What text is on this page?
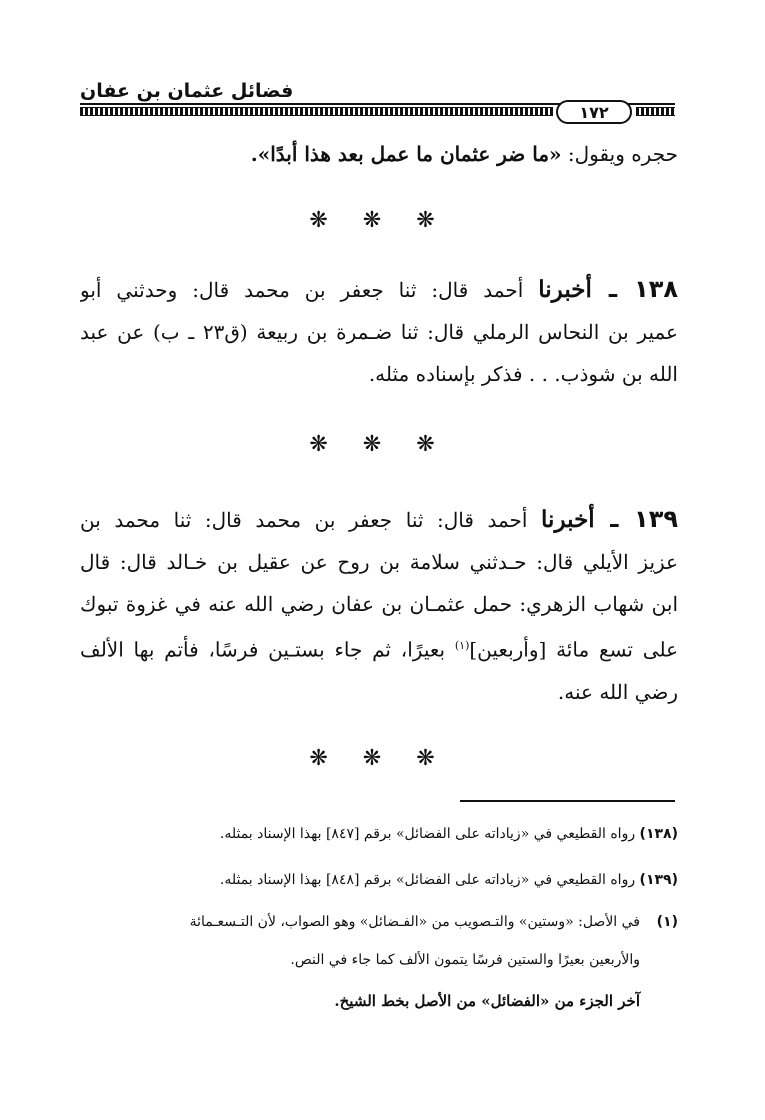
فضائل عثمان بن عفان
١٧٢
حجره ويقول: «ما ضر عثمان ما عمل بعد هذا أبدًا».
❋ ❋ ❋
١٣٨ ـ أخبرنا أحمد قال: ثنا جعفر بن محمد قال: وحدثني أبو
عمير بن النحاس الرملي قال: ثنا ضـمرة بن ربيعة (ق٢٣ ـ ب) عن عبد
الله بن شوذب. . . فذكر بإسناده مثله.
❋ ❋ ❋
١٣٩ ـ أخبرنا أحمد قال: ثنا جعفر بن محمد قال: ثنا محمد بن
عزيز الأيلي قال: حـدثني سلامة بن روح عن عقيل بن خـالد قال: قال
ابن شهاب الزهري: حمل عثمـان بن عفان رضي الله عنه في غزوة تبوك
على تسع مائة [وأربعين]$^{(١)}$ بعيرًا، ثم جاء بستـين فرسًا، فأتم بها الألف
رضي الله عنه.
❋ ❋ ❋
(١٣٨) رواه القطيعي في «زياداته على الفضائل» برقم [٨٤٧] بهذا الإسناد بمثله.
(١٣٩) رواه القطيعي في «زياداته على الفضائل» برقم [٨٤٨] بهذا الإسناد بمثله.
(١)في الأصل: «وستين» والتـصويب من «الفـضائل» وهو الصواب، لأن التـسعـمائة
والأربعين بعيرًا والستين فرسًا يتمون الألف كما جاء في النص.
آخر الجزء من «الفضائل» من الأصل بخط الشيخ.
